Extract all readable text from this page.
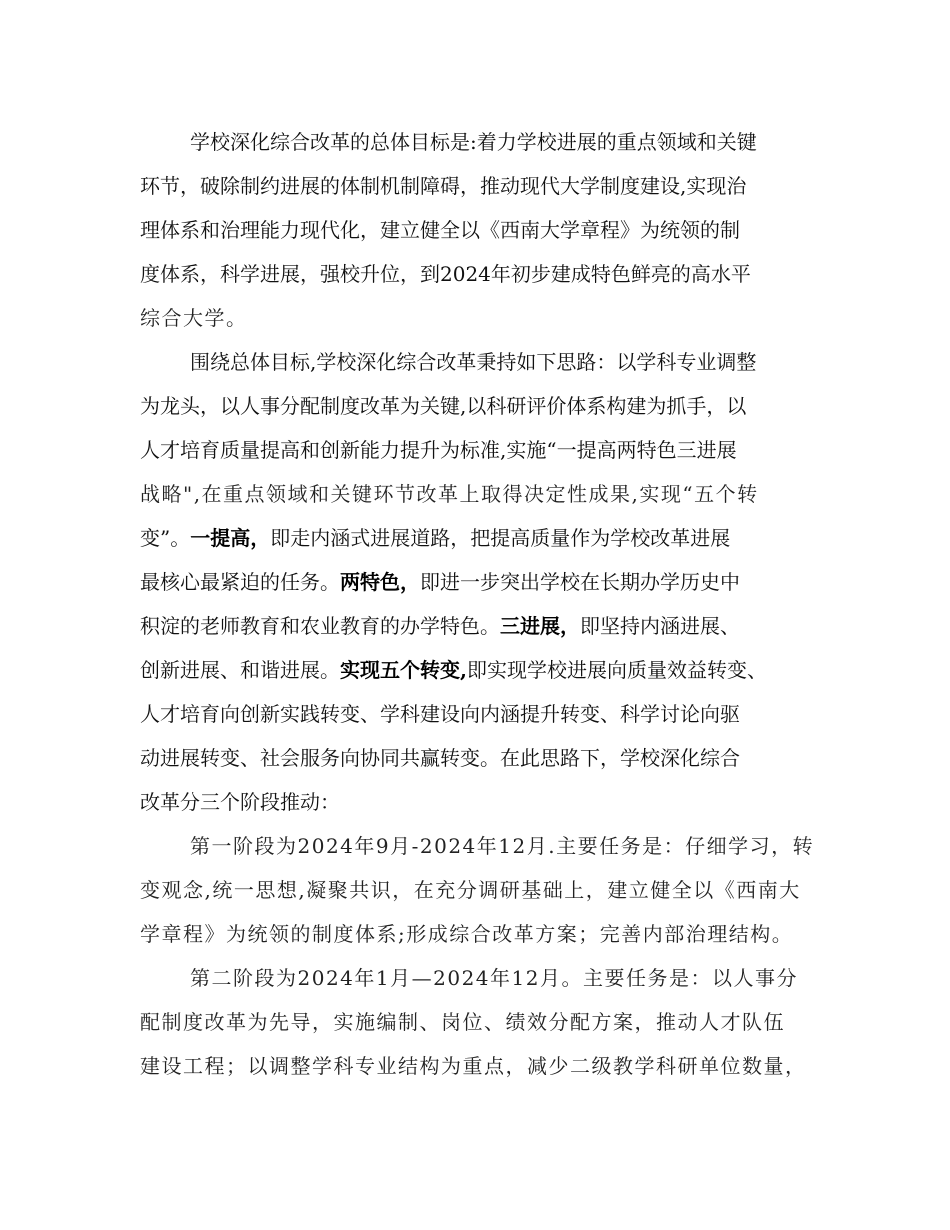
学校深化综合改革的总体目标是:着力学校进展的重点领域和关键
环节，破除制约进展的体制机制障碍，推动现代大学制度建设,实现治
理体系和治理能力现代化，建立健全以《西南大学章程》为统领的制
度体系，科学进展，强校升位，到2024年初步建成特色鲜亮的高水平
综合大学。
围绕总体目标,学校深化综合改革秉持如下思路：以学科专业调整
为龙头，以人事分配制度改革为关键,以科研评价体系构建为抓手，以
人才培育质量提高和创新能力提升为标准,实施“一提高两特色三进展
战略",在重点领域和关键环节改革上取得决定性成果,实现“五个转
变”。一提高，即走内涵式进展道路，把提高质量作为学校改革进展
最核心最紧迫的任务。两特色，即进一步突出学校在长期办学历史中
积淀的老师教育和农业教育的办学特色。三进展，即坚持内涵进展、
创新进展、和谐进展。实现五个转变,即实现学校进展向质量效益转变、
人才培育向创新实践转变、学科建设向内涵提升转变、科学讨论向驱
动进展转变、社会服务向协同共赢转变。在此思路下，学校深化综合
改革分三个阶段推动：
第一阶段为2024年9月-2024年12月.主要任务是：仔细学习，转
变观念,统一思想,凝聚共识，在充分调研基础上，建立健全以《西南大
学章程》为统领的制度体系;形成综合改革方案；完善内部治理结构。
第二阶段为2024年1月—2024年12月。主要任务是：以人事分
配制度改革为先导，实施编制、岗位、绩效分配方案，推动人才队伍
建设工程；以调整学科专业结构为重点，减少二级教学科研单位数量，
